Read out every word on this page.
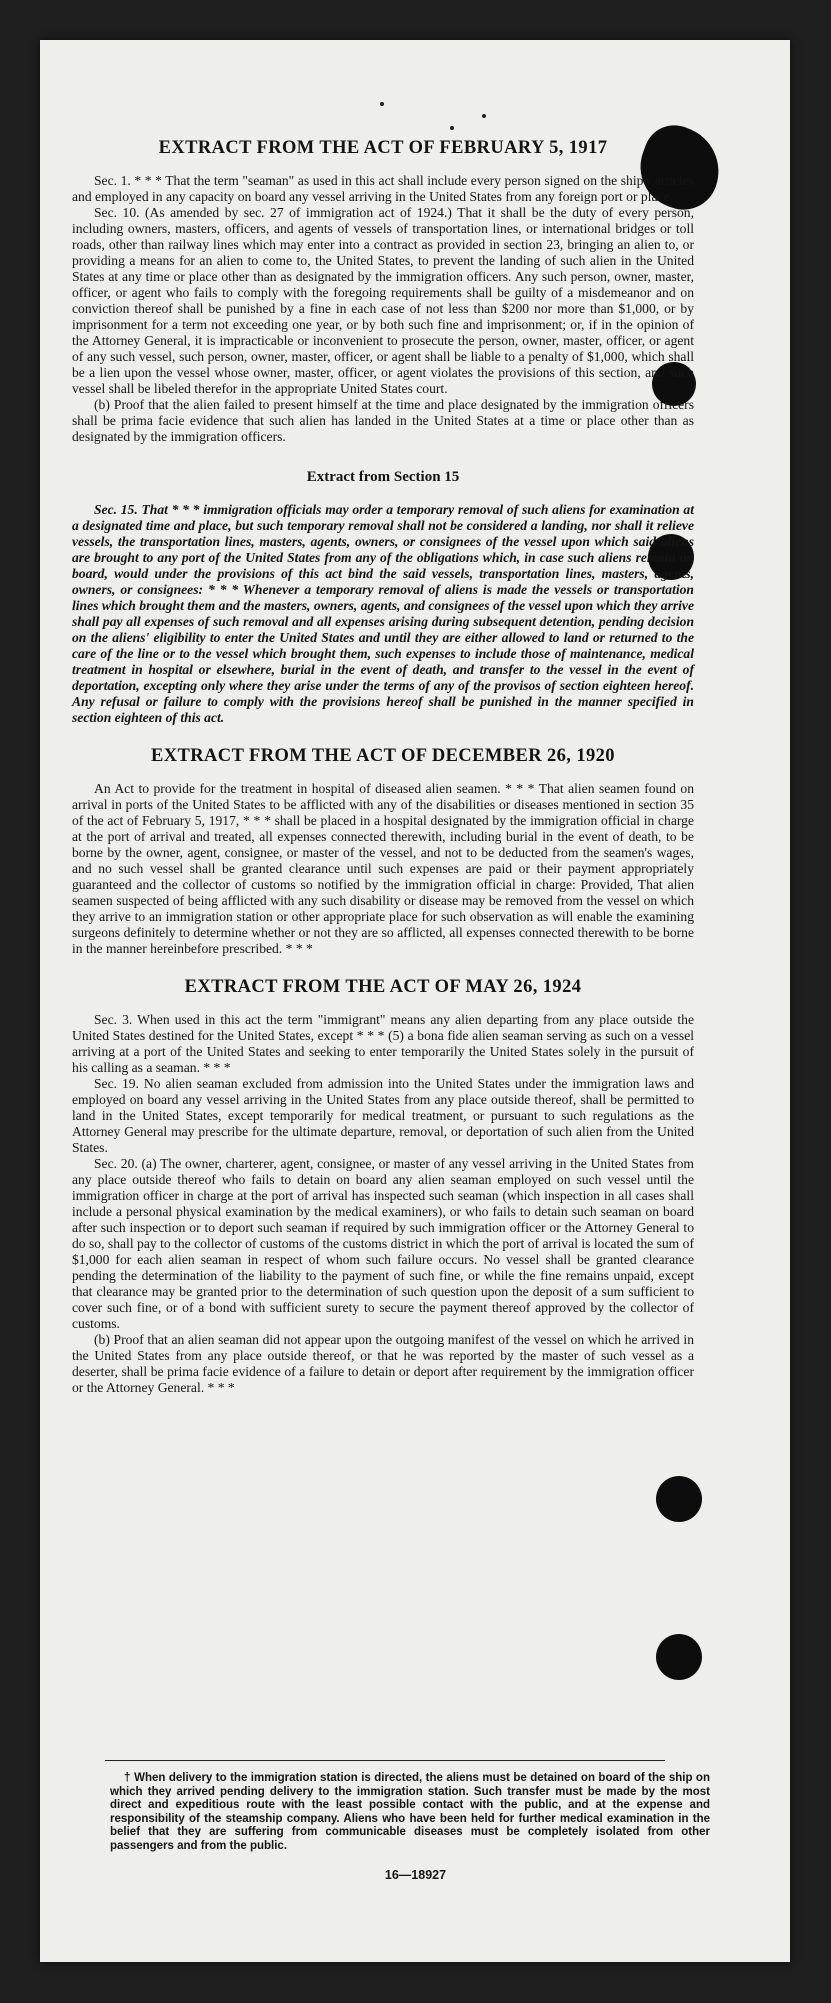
EXTRACT FROM THE ACT OF FEBRUARY 5, 1917

Sec. 1. * * * That the term "seaman" as used in this act shall include every person signed on the ship's articles and employed in any capacity on board any vessel arriving in the United States from any foreign port or place.

Sec. 10. (As amended by sec. 27 of immigration act of 1924.) That it shall be the duty of every person, including owners, masters, officers, and agents of vessels of transportation lines, or international bridges or toll roads, other than railway lines which may enter into a contract as provided in section 23, bringing an alien to, or providing a means for an alien to come to, the United States, to prevent the landing of such alien in the United States at any time or place other than as designated by the immigration officers. Any such person, owner, master, officer, or agent who fails to comply with the foregoing requirements shall be guilty of a misdemeanor and on conviction thereof shall be punished by a fine in each case of not less than $200 nor more than $1,000, or by imprisonment for a term not exceeding one year, or by both such fine and imprisonment; or, if in the opinion of the Attorney General, it is impracticable or inconvenient to prosecute the person, owner, master, officer, or agent of any such vessel, such person, owner, master, officer, or agent shall be liable to a penalty of $1,000, which shall be a lien upon the vessel whose owner, master, officer, or agent violates the provisions of this section, and such vessel shall be libeled therefor in the appropriate United States court.

(b) Proof that the alien failed to present himself at the time and place designated by the immigration officers shall be prima facie evidence that such alien has landed in the United States at a time or place other than as designated by the immigration officers.

Extract from Section 15

Sec. 15. That * * * immigration officials may order a temporary removal of such aliens for examination at a designated time and place, but such temporary removal shall not be considered a landing, nor shall it relieve vessels, the transportation lines, masters, agents, owners, or consignees of the vessel upon which said aliens are brought to any port of the United States from any of the obligations which, in case such aliens remain on board, would under the provisions of this act bind the said vessels, transportation lines, masters, agents, owners, or consignees: * * * Whenever a temporary removal of aliens is made the vessels or transportation lines which brought them and the masters, owners, agents, and consignees of the vessel upon which they arrive shall pay all expenses of such removal and all expenses arising during subsequent detention, pending decision on the aliens' eligibility to enter the United States and until they are either allowed to land or returned to the care of the line or to the vessel which brought them, such expenses to include those of maintenance, medical treatment in hospital or elsewhere, burial in the event of death, and transfer to the vessel in the event of deportation, excepting only where they arise under the terms of any of the provisos of section eighteen hereof. Any refusal or failure to comply with the provisions hereof shall be punished in the manner specified in section eighteen of this act.

EXTRACT FROM THE ACT OF DECEMBER 26, 1920

An Act to provide for the treatment in hospital of diseased alien seamen. * * * That alien seamen found on arrival in ports of the United States to be afflicted with any of the disabilities or diseases mentioned in section 35 of the act of February 5, 1917, * * * shall be placed in a hospital designated by the immigration official in charge at the port of arrival and treated, all expenses connected therewith, including burial in the event of death, to be borne by the owner, agent, consignee, or master of the vessel, and not to be deducted from the seamen's wages, and no such vessel shall be granted clearance until such expenses are paid or their payment appropriately guaranteed and the collector of customs so notified by the immigration official in charge: Provided, That alien seamen suspected of being afflicted with any such disability or disease may be removed from the vessel on which they arrive to an immigration station or other appropriate place for such observation as will enable the examining surgeons definitely to determine whether or not they are so afflicted, all expenses connected therewith to be borne in the manner hereinbefore prescribed. * * *

EXTRACT FROM THE ACT OF MAY 26, 1924

Sec. 3. When used in this act the term "immigrant" means any alien departing from any place outside the United States destined for the United States, except * * * (5) a bona fide alien seaman serving as such on a vessel arriving at a port of the United States and seeking to enter temporarily the United States solely in the pursuit of his calling as a seaman. * * *

Sec. 19. No alien seaman excluded from admission into the United States under the immigration laws and employed on board any vessel arriving in the United States from any place outside thereof, shall be permitted to land in the United States, except temporarily for medical treatment, or pursuant to such regulations as the Attorney General may prescribe for the ultimate departure, removal, or deportation of such alien from the United States.

Sec. 20. (a) The owner, charterer, agent, consignee, or master of any vessel arriving in the United States from any place outside thereof who fails to detain on board any alien seaman employed on such vessel until the immigration officer in charge at the port of arrival has inspected such seaman (which inspection in all cases shall include a personal physical examination by the medical examiners), or who fails to detain such seaman on board after such inspection or to deport such seaman if required by such immigration officer or the Attorney General to do so, shall pay to the collector of customs of the customs district in which the port of arrival is located the sum of $1,000 for each alien seaman in respect of whom such failure occurs. No vessel shall be granted clearance pending the determination of the liability to the payment of such fine, or while the fine remains unpaid, except that clearance may be granted prior to the determination of such question upon the deposit of a sum sufficient to cover such fine, or of a bond with sufficient surety to secure the payment thereof approved by the collector of customs.

(b) Proof that an alien seaman did not appear upon the outgoing manifest of the vessel on which he arrived in the United States from any place outside thereof, or that he was reported by the master of such vessel as a deserter, shall be prima facie evidence of a failure to detain or deport after requirement by the immigration officer or the Attorney General. * * *

† When delivery to the immigration station is directed, the aliens must be detained on board of the ship on which they arrived pending delivery to the immigration station. Such transfer must be made by the most direct and expeditious route with the least possible contact with the public, and at the expense and responsibility of the steamship company. Aliens who have been held for further medical examination in the belief that they are suffering from communicable diseases must be completely isolated from other passengers and from the public.
16—18927
